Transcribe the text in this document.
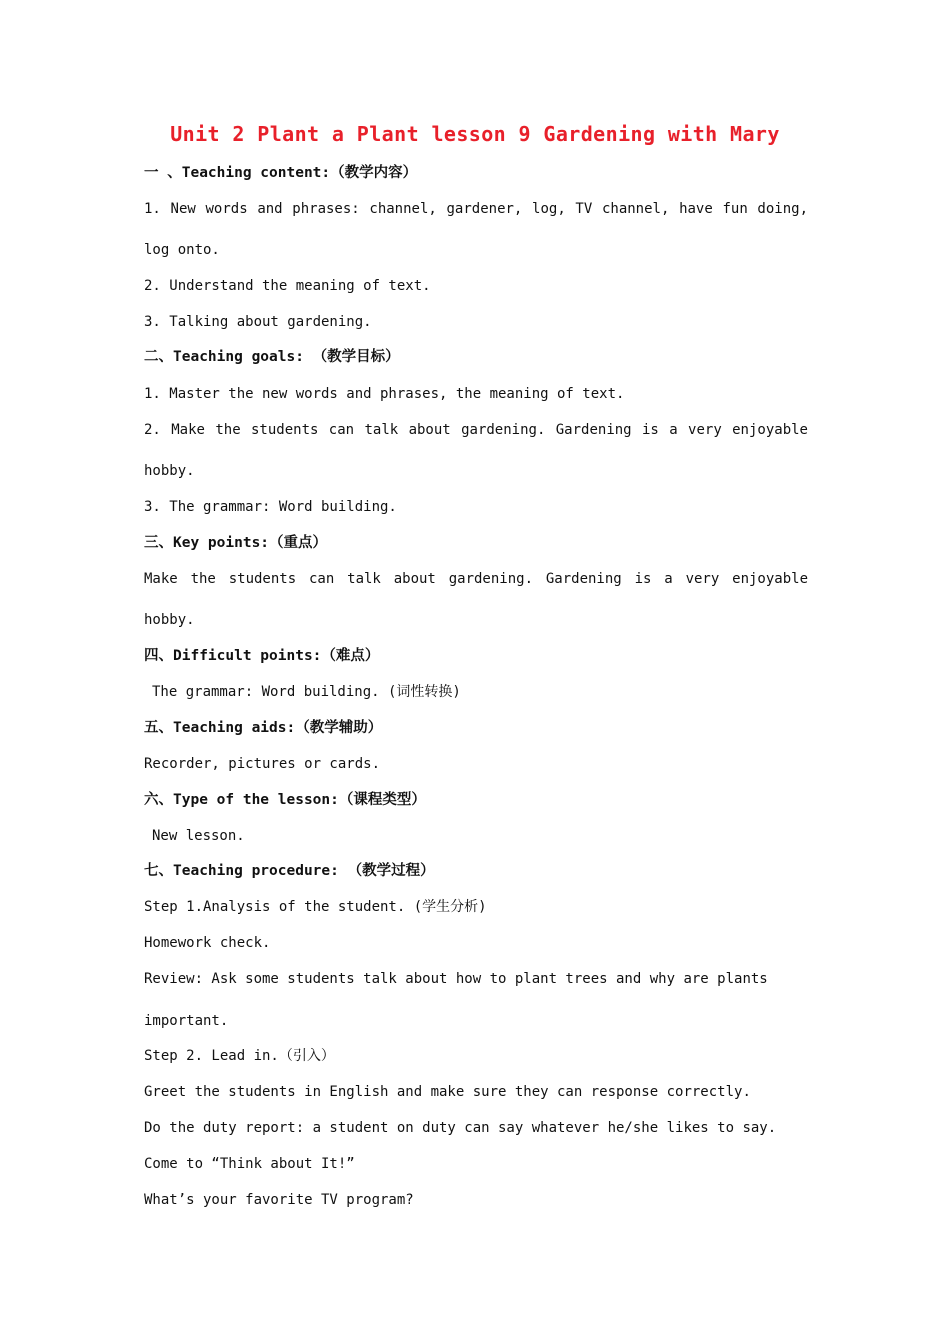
Unit 2 Plant a Plant lesson 9 Gardening with Mary
一 、Teaching content:（教学内容）
1. New words and phrases: channel, gardener, log, TV channel, have fun doing,
log onto.
2. Understand the meaning of text.
3. Talking about gardening.
二、Teaching goals: （教学目标）
1. Master the new words and phrases, the meaning of text.
2. Make the students can talk about gardening. Gardening is a very enjoyable
hobby.
3. The grammar: Word building.
三、Key points:（重点）
Make the students can talk about gardening. Gardening is a very enjoyable
hobby.
四、Difficult points:（难点）
The grammar: Word building. (词性转换)
五、Teaching aids:（教学辅助）
Recorder, pictures or cards.
六、Type of the lesson:（课程类型）
New lesson.
七、Teaching procedure: （教学过程）
Step 1.Analysis of the student. (学生分析)
Homework check.
Review: Ask some students talk about how to plant trees and why are plants
important.
Step 2. Lead in.（引入）
Greet the students in English and make sure they can response correctly.
Do the duty report: a student on duty can say whatever he/she likes to say.
Come to “Think about It!”
What’s your favorite TV program?
